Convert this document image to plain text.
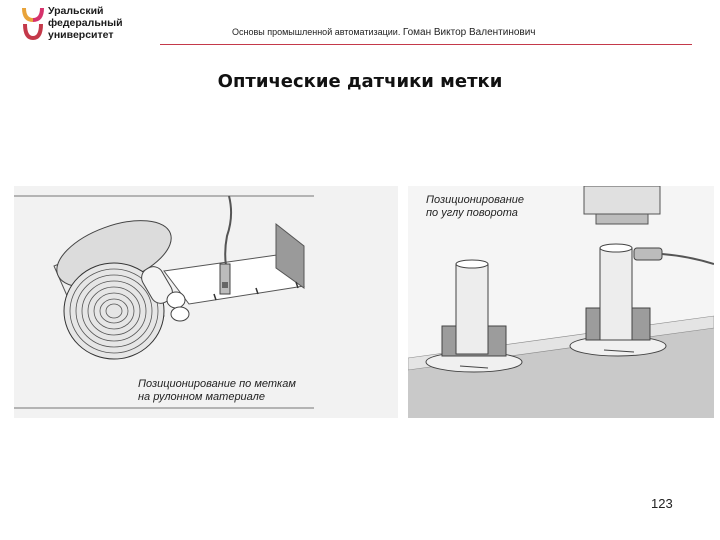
Уральский
федеральный
университет	Основы промышленной автоматизации. Гоман Виктор Валентинович
Оптические датчики метки
Позиционирование по меткам
на рулонном материале
Позиционирование
по углу поворота
123
